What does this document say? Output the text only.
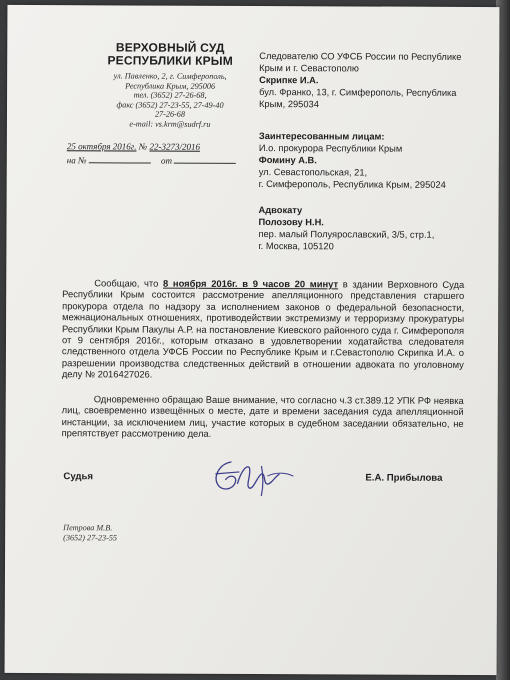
ВЕРХОВНЫЙ СУД
РЕСПУБЛИКИ КРЫМ
ул. Павленко, 2, г. Симферополь,
Республика Крым, 295006
тел. (3652) 27-26-68,
факс (3652) 27-23-55, 27-49-40
27-26-68
e-mail: vs.krm@sudrf.ru
25 октября 2016г. № 22-3273/2016
на №	от
Следователю СО УФСБ России по Республике
Крым и г. Севастополю
Скрипке И.А.
бул. Франко, 13, г. Симферополь, Республика
Крым, 295034
Заинтересованным лицам:
И.о. прокурора Республики Крым
Фомину А.В.
ул. Севастопольская, 21,
г. Симферополь, Республика Крым, 295024
Адвокату
Полозову Н.Н.
пер. малый Полуярославский, 3/5, стр.1,
г. Москва, 105120
Сообщаю, что 8 ноября 2016г. в 9 часов 20 минут в здании Верховного Суда Республики Крым состоится рассмотрение апелляционного представления старшего прокурора отдела по надзору за исполнением законов о федеральной безопасности, межнациональных отношениях, противодействии экстремизму и терроризму прокуратуры Республики Крым Пакулы А.Р. на постановление Киевского районного суда г. Симферополя от 9 сентября 2016г., которым отказано в удовлетворении ходатайства следователя следственного отдела УФСБ России по Республике Крым и г.Севастополю Скрипка И.А. о разрешении производства следственных действий в отношении адвоката по уголовному делу № 2016427026.
Одновременно обращаю Ваше внимание, что согласно ч.3 ст.389.12 УПК РФ неявка лиц, своевременно извещённых о месте, дате и времени заседания суда апелляционной инстанции, за исключением лиц, участие которых в судебном заседании обязательно, не препятствует рассмотрению дела.
Судья	Е.А. Прибылова
Петрова М.В.
(3652) 27-23-55
